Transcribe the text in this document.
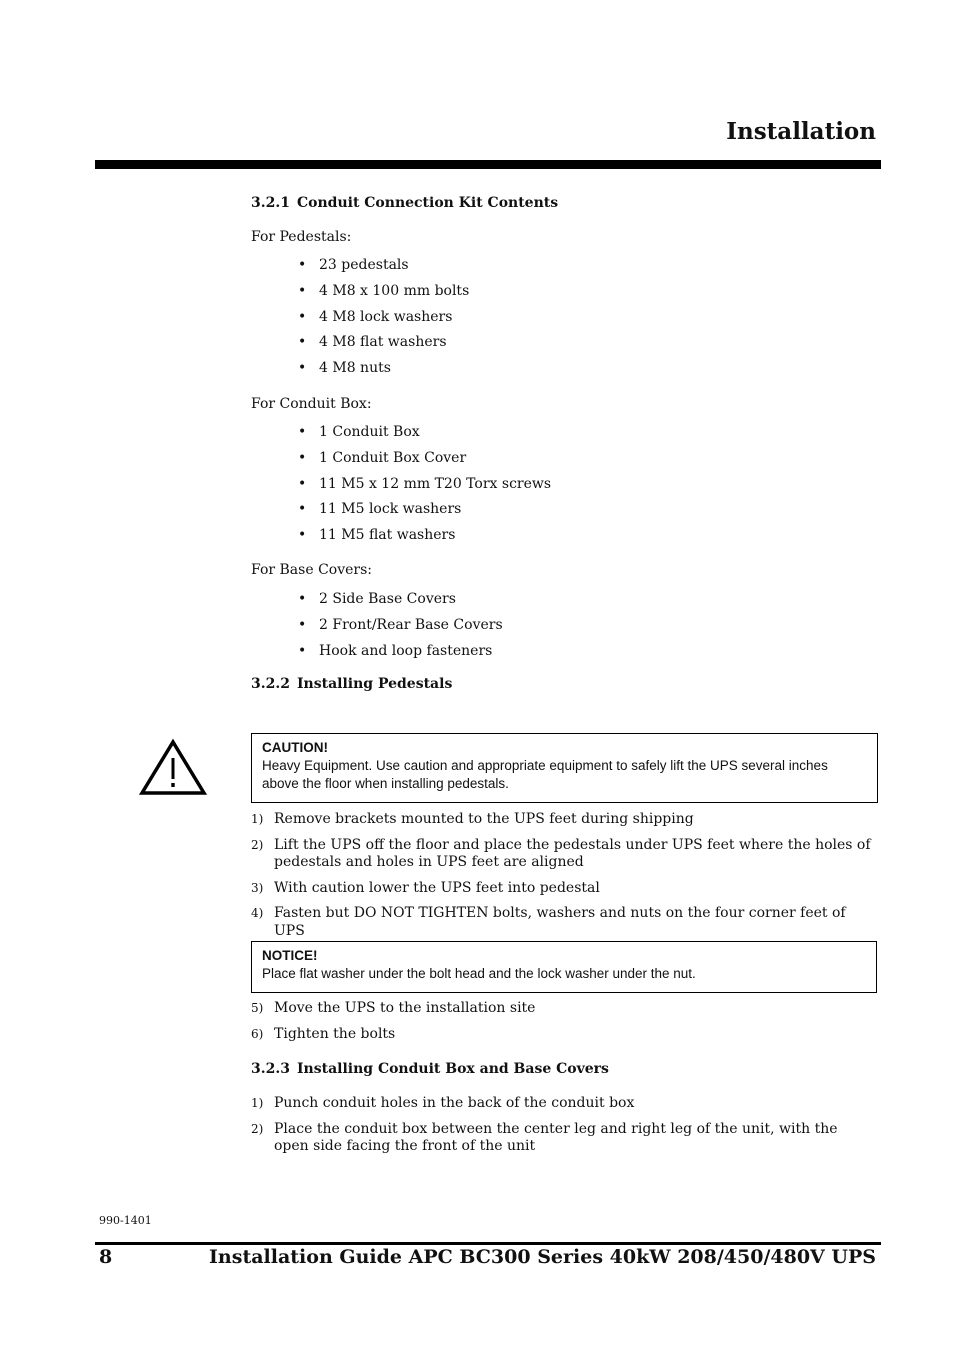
Installation
3.2.1 Conduit Connection Kit Contents
For Pedestals:
• 23 pedestals
• 4 M8 x 100 mm bolts
• 4 M8 lock washers
• 4 M8 flat washers
• 4 M8 nuts
For Conduit Box:
• 1 Conduit Box
• 1 Conduit Box Cover
• 11 M5 x 12 mm T20 Torx screws
• 11 M5 lock washers
• 11 M5 flat washers
For Base Covers:
• 2 Side Base Covers
• 2 Front/Rear Base Covers
• Hook and loop fasteners
3.2.2 Installing Pedestals
CAUTION!
Heavy Equipment. Use caution and appropriate equipment to safely lift the UPS several inches above the floor when installing pedestals.
1) Remove brackets mounted to the UPS feet during shipping
2) Lift the UPS off the floor and place the pedestals under UPS feet where the holes of pedestals and holes in UPS feet are aligned
3) With caution lower the UPS feet into pedestal
4) Fasten but DO NOT TIGHTEN bolts, washers and nuts on the four corner feet of UPS
NOTICE!
Place flat washer under the bolt head and the lock washer under the nut.
5) Move the UPS to the installation site
6) Tighten the bolts
3.2.3 Installing Conduit Box and Base Covers
1) Punch conduit holes in the back of the conduit box
2) Place the conduit box between the center leg and right leg of the unit, with the open side facing the front of the unit
990-1401
8	Installation Guide APC BC300 Series 40kW 208/450/480V UPS
